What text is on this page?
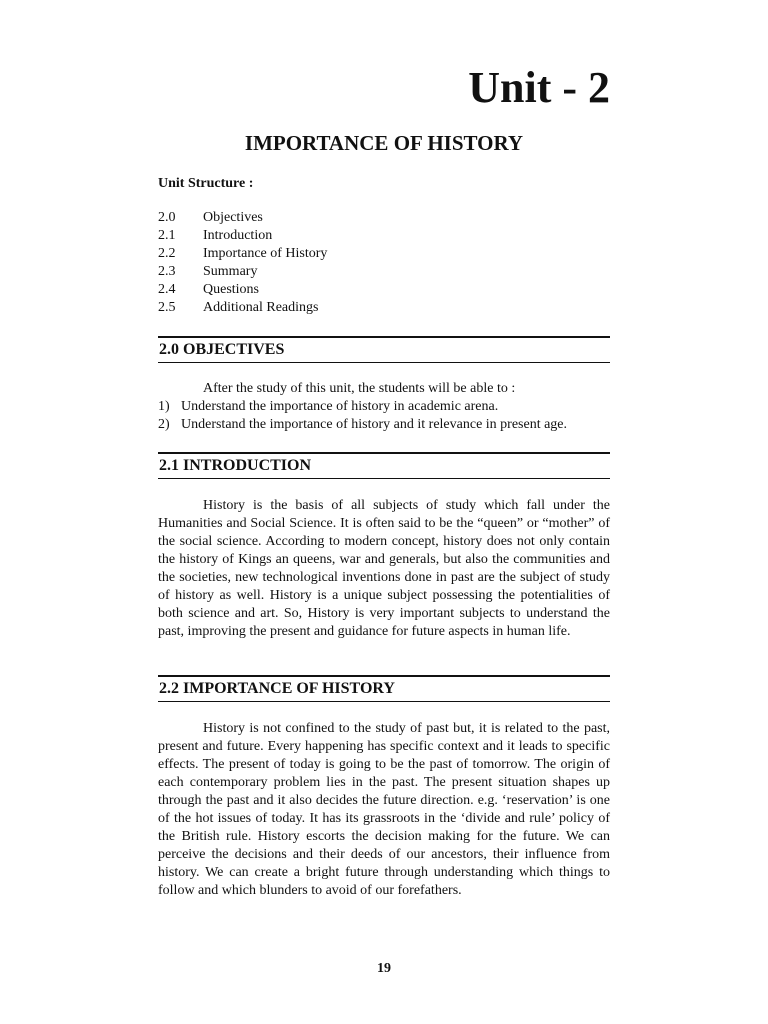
Unit - 2
IMPORTANCE OF HISTORY
Unit Structure :
2.0	Objectives
2.1	Introduction
2.2	Importance of History
2.3	Summary
2.4	Questions
2.5	Additional Readings
2.0 OBJECTIVES

After the study of this unit, the students will be able to :

1) Understand the importance of history in academic arena.
2) Understand the importance of history and it relevance in present age.
2.1 INTRODUCTION

History is the basis of all subjects of study which fall under the Humanities and Social Science. It is often said to be the “queen” or “mother” of the social science. According to modern concept, history does not only contain the history of Kings an queens, war and generals, but also the communities and the societies, new technological inventions done in past are the subject of study of history as well. History is a unique subject possessing the potentialities of both science and art. So, History is very important subjects to understand the past, improving the present and guidance for future aspects in human life.

2.2 IMPORTANCE OF HISTORY

History is not confined to the study of past but, it is related to the past, present and future. Every happening has specific context and it leads to specific effects. The present of today is going to be the past of tomorrow. The origin of each contemporary problem lies in the past. The present situation shapes up through the past and it also decides the future direction. e.g. ‘reservation’ is one of the hot issues of today. It has its grassroots in the ‘divide and rule’ policy of the British rule. History escorts the decision making for the future. We can perceive the decisions and their deeds of our ancestors, their influence from history. We can create a bright future through understanding which things to follow and which blunders to avoid of our forefathers.

19
